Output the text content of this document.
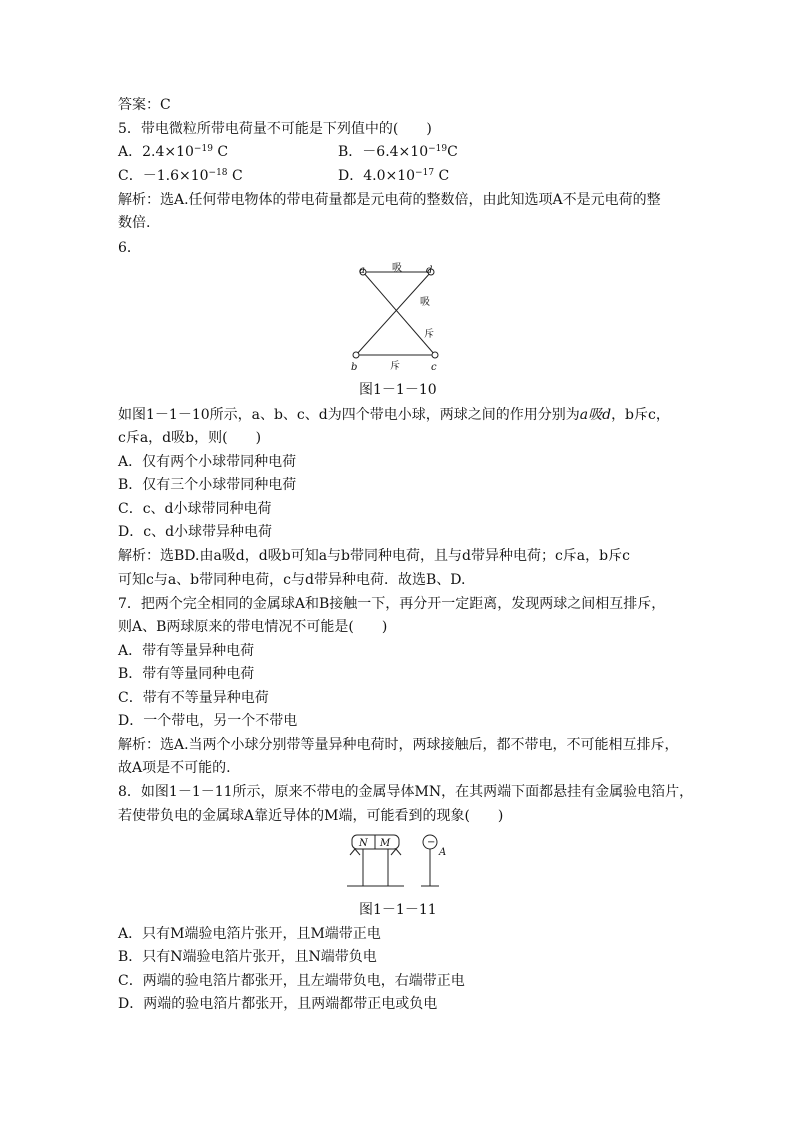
答案：C
5．带电微粒所带电荷量不可能是下列值中的(　　)
A．$2.4\times 10^{-19}$ C	B．$-6.4\times 10^{-19}C$
C．$-1.6\times 10^{-18}$ C	D．$4.0\times 10^{-17}$ C
解析：选A.任何带电物体的带电荷量都是元电荷的整数倍，由此知选项A不是元电荷的整
数倍.
6．
a	d
b	c
吸
吸
斥
斥
图1－1－10
如图1－1－10所示，a、b、c、d为四个带电小球，两球之间的作用分别为a吸d，b斥c，
c斥a，d吸b，则(　　)
A．仅有两个小球带同种电荷
B．仅有三个小球带同种电荷
C．c、d小球带同种电荷
D．c、d小球带异种电荷
解析：选BD.由a吸d，d吸b可知a与b带同种电荷，且与d带异种电荷；c斥a，b斥c
可知c与a、b带同种电荷，c与d带异种电荷．故选B、D.
7．把两个完全相同的金属球A和B接触一下，再分开一定距离，发现两球之间相互排斥，
则A、B两球原来的带电情况不可能是(　　)
A．带有等量异种电荷
B．带有等量同种电荷
C．带有不等量异种电荷
D．一个带电，另一个不带电
解析：选A.当两个小球分别带等量异种电荷时，两球接触后，都不带电，不可能相互排斥，
故A项是不可能的.
8．如图1－1－11所示，原来不带电的金属导体MN，在其两端下面都悬挂有金属验电箔片，
若使带负电的金属球A靠近导体的M端，可能看到的现象(　　)
N M	−
A
图1－1－11
A．只有M端验电箔片张开，且M端带正电
B．只有N端验电箔片张开，且N端带负电
C．两端的验电箔片都张开，且左端带负电，右端带正电
D．两端的验电箔片都张开，且两端都带正电或负电
